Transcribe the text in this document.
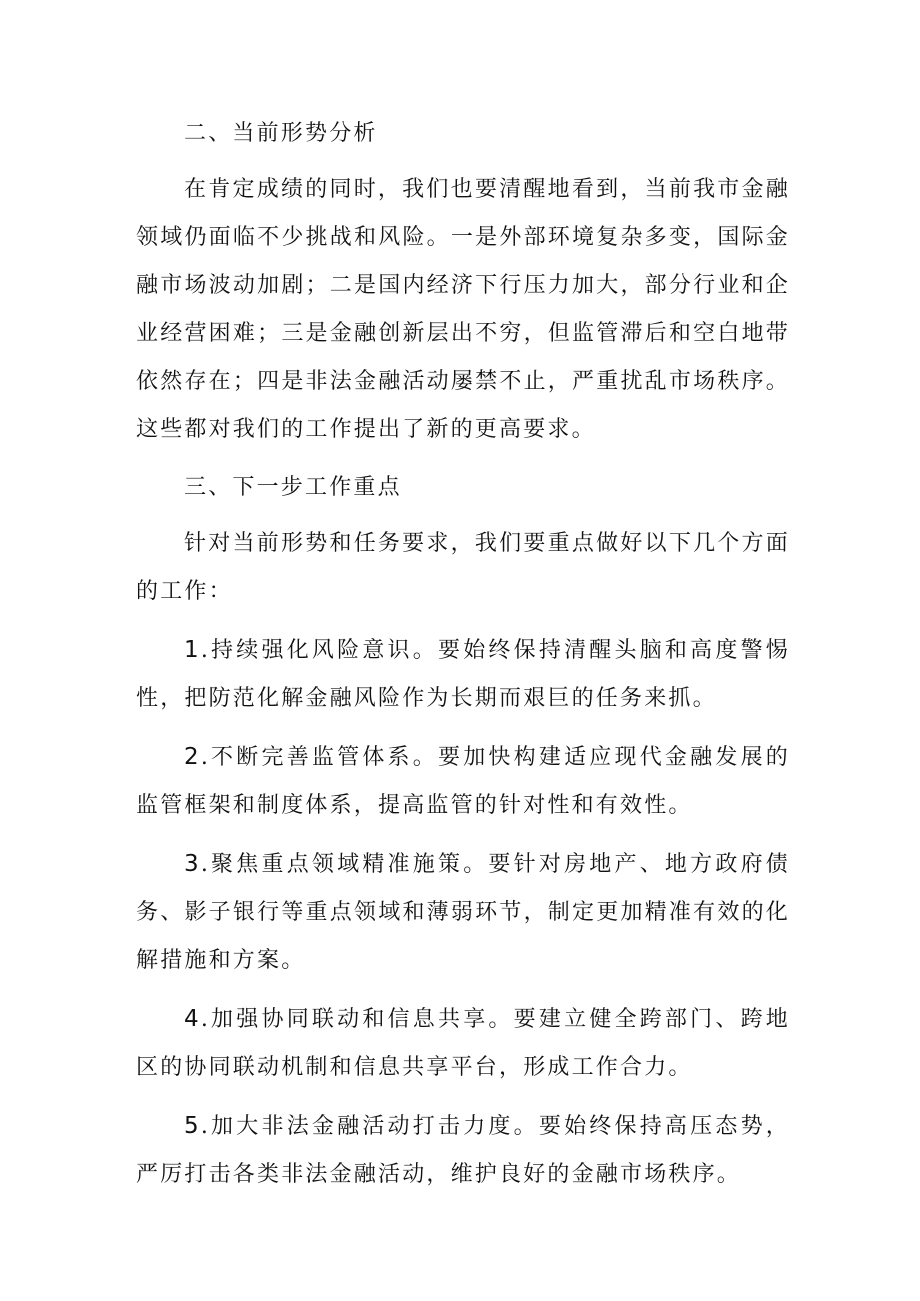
二、当前形势分析

在肯定成绩的同时，我们也要清醒地看到，当前我市金融领域仍面临不少挑战和风险。一是外部环境复杂多变，国际金融市场波动加剧；二是国内经济下行压力加大，部分行业和企业经营困难；三是金融创新层出不穷，但监管滞后和空白地带依然存在；四是非法金融活动屡禁不止，严重扰乱市场秩序。这些都对我们的工作提出了新的更高要求。

三、下一步工作重点

针对当前形势和任务要求，我们要重点做好以下几个方面的工作：

1.持续强化风险意识。要始终保持清醒头脑和高度警惕性，把防范化解金融风险作为长期而艰巨的任务来抓。

2.不断完善监管体系。要加快构建适应现代金融发展的监管框架和制度体系，提高监管的针对性和有效性。

3.聚焦重点领域精准施策。要针对房地产、地方政府债务、影子银行等重点领域和薄弱环节，制定更加精准有效的化解措施和方案。

4.加强协同联动和信息共享。要建立健全跨部门、跨地区的协同联动机制和信息共享平台，形成工作合力。

5.加大非法金融活动打击力度。要始终保持高压态势，严厉打击各类非法金融活动，维护良好的金融市场秩序。
